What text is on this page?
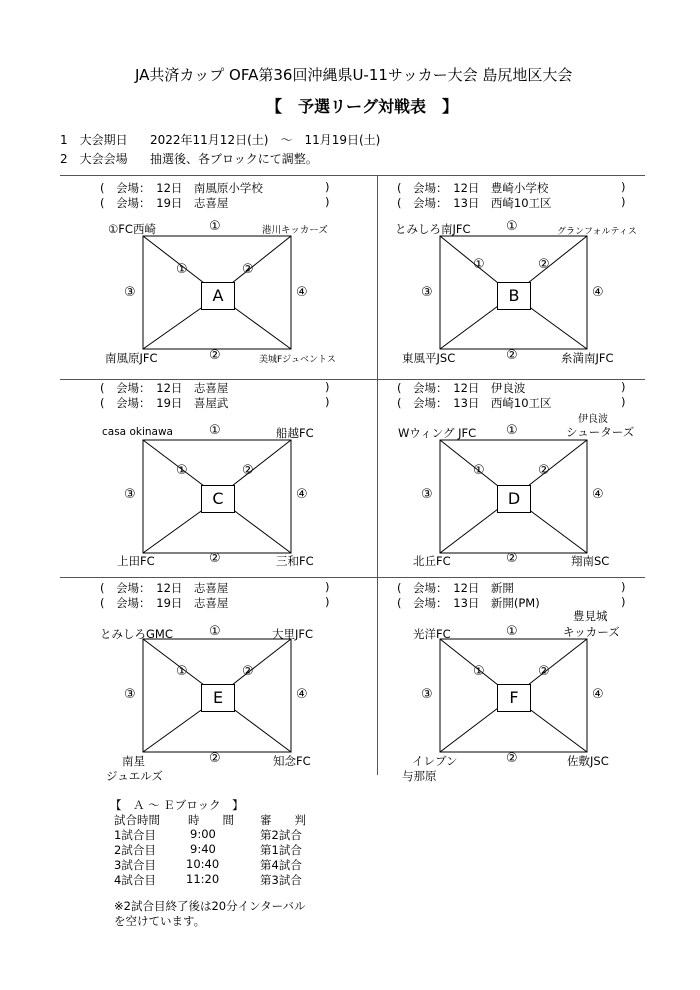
JA共済カップ OFA第36回沖縄県U-11サッカー大会 島尻地区大会
【　予選リーグ対戦表　】
1　大会期日 2022年11月12日(土)　～　11月19日(土)
2　大会会場 抽選後、各ブロックにて調整。
(　会場：　 12日　 南風原小学校	)
(　会場：　 19日　 志喜屋	)
A
①FC西崎	①	港川キッカーズ
①	②
③	④
南風原JFC	②	美城Fジュベントス
(　会場：　 12日　 豊崎小学校	)
(　会場：　 13日　 西崎10工区	)
B
とみしろ南JFC	①	グランフォルティス
①	②
③	④
東風平JSC	②	糸満南JFC
(　会場：　 12日　 志喜屋	)
(　会場：　 19日　 喜屋武	)
C
casa okinawa	①	船越FC
①	②
③	④
上田FC	②	三和FC
(　会場：　 12日　 伊良波	)
(　会場：　 13日　 西崎10工区	)
D
Wウィング JFC ①
伊良波
シューターズ
①	②
③	④
北丘FC	②	翔南SC
(　会場：　 12日　 志喜屋	)
(　会場：　 19日　 志喜屋	)
E
とみしろGMC	①	大里JFC
①	②
③	④
南星
ジュエルズ
②	知念FC
(　会場：　 12日　 新開	)
(　会場：　 13日　 新開(PM)	)
F
光洋FC	①
豊見城
キッカーズ
①	②
③	④
イレブン
与那原
②	佐敷JSC
【　Ａ ～ Ｅブロック　】
試合時間 時　　間 審　　判
1試合目	9:00	第2試合
2試合目	9:40	第1試合
3試合目	10:40	第4試合
4試合目	11:20	第3試合
※2試合目終了後は20分インターバル
を空けています。
